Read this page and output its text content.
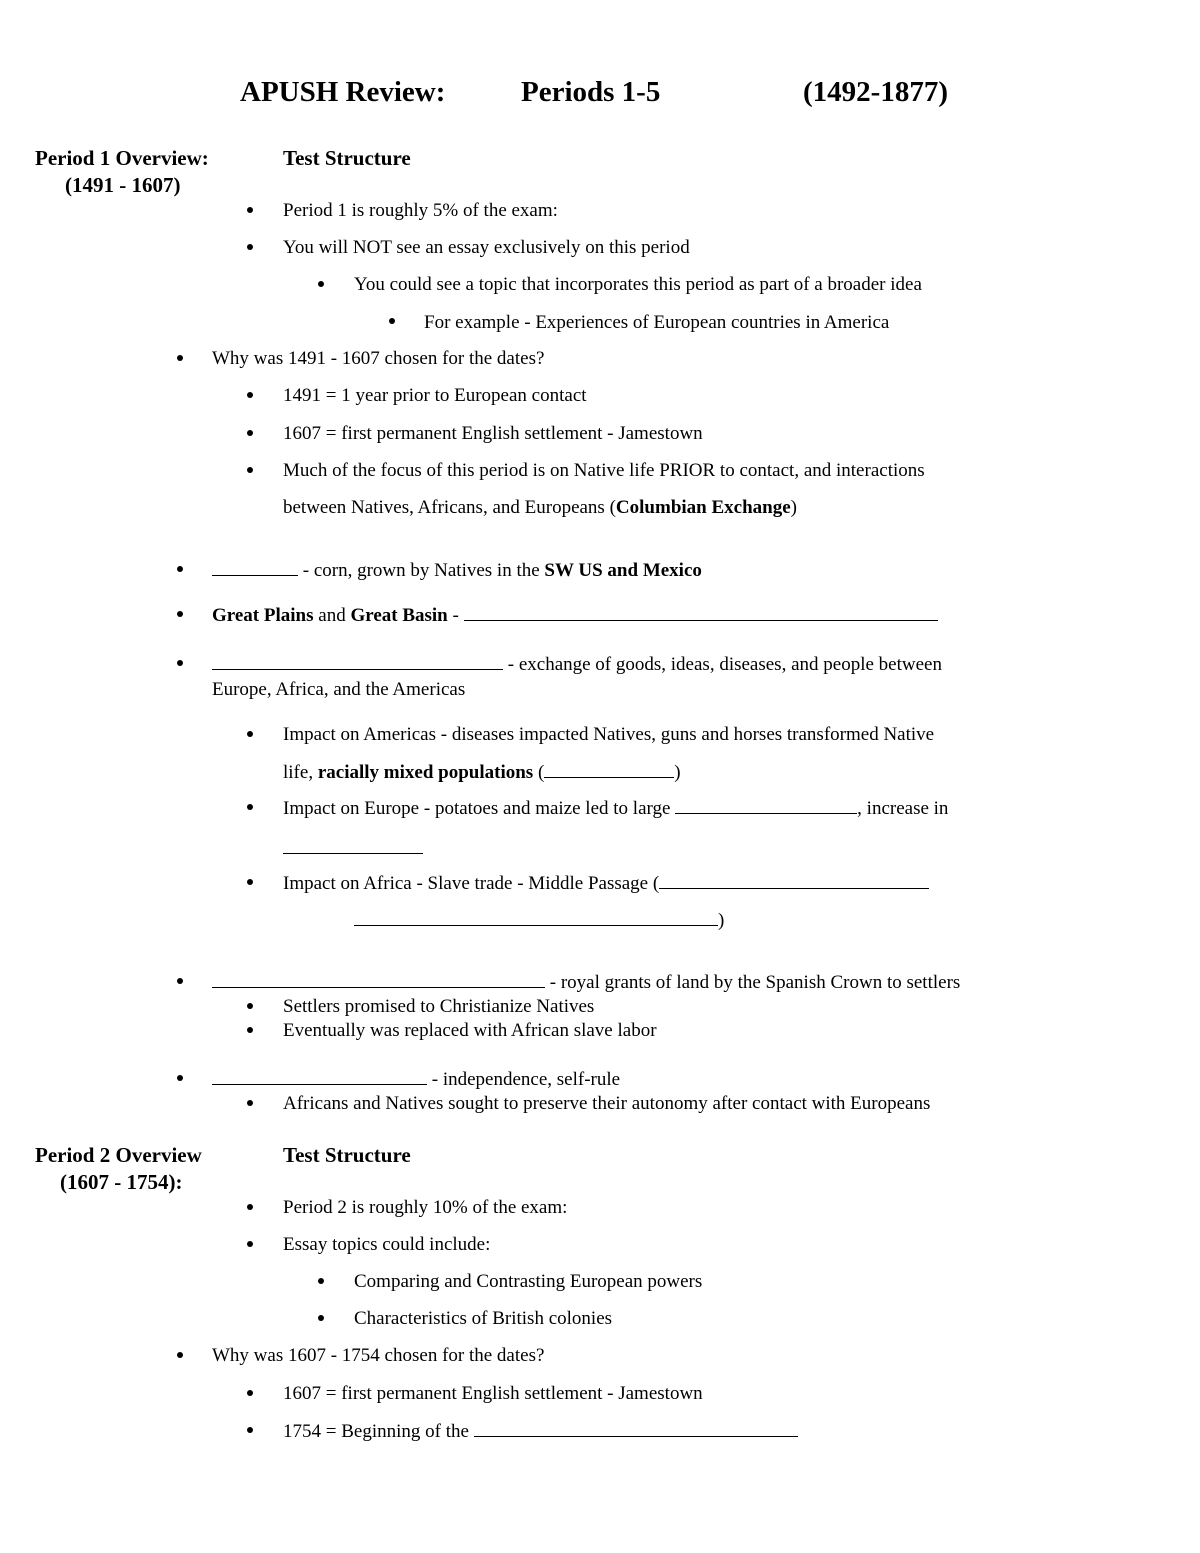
APUSH Review:	Periods 1-5	(1492-1877)
Period 1 Overview:
(1491 - 1607)
Test Structure
Period 1 is roughly 5% of the exam:
You will NOT see an essay exclusively on this period
You could see a topic that incorporates this period as part of a broader idea
For example - Experiences of European countries in America
Why was 1491 - 1607 chosen for the dates?
1491 = 1 year prior to European contact
1607 = first permanent English settlement - Jamestown
Much of the focus of this period is on Native life PRIOR to contact, and interactions
between Natives, Africans, and Europeans (Columbian Exchange)
- corn, grown by Natives in the SW US and Mexico
Great Plains and Great Basin -
- exchange of goods, ideas, diseases, and people between
Europe, Africa, and the Americas
Impact on Americas - diseases impacted Natives, guns and horses transformed Native
life, racially mixed populations (	)
Impact on Europe - potatoes and maize led to large	, increase in
Impact on Africa - Slave trade - Middle Passage (
)
- royal grants of land by the Spanish Crown to settlers
Settlers promised to Christianize Natives
Eventually was replaced with African slave labor
- independence, self-rule
Africans and Natives sought to preserve their autonomy after contact with Europeans
Period 2 Overview
(1607 - 1754):
Test Structure
Period 2 is roughly 10% of the exam:
Essay topics could include:
Comparing and Contrasting European powers
Characteristics of British colonies
Why was 1607 - 1754 chosen for the dates?
1607 = first permanent English settlement - Jamestown
1754 = Beginning of the
